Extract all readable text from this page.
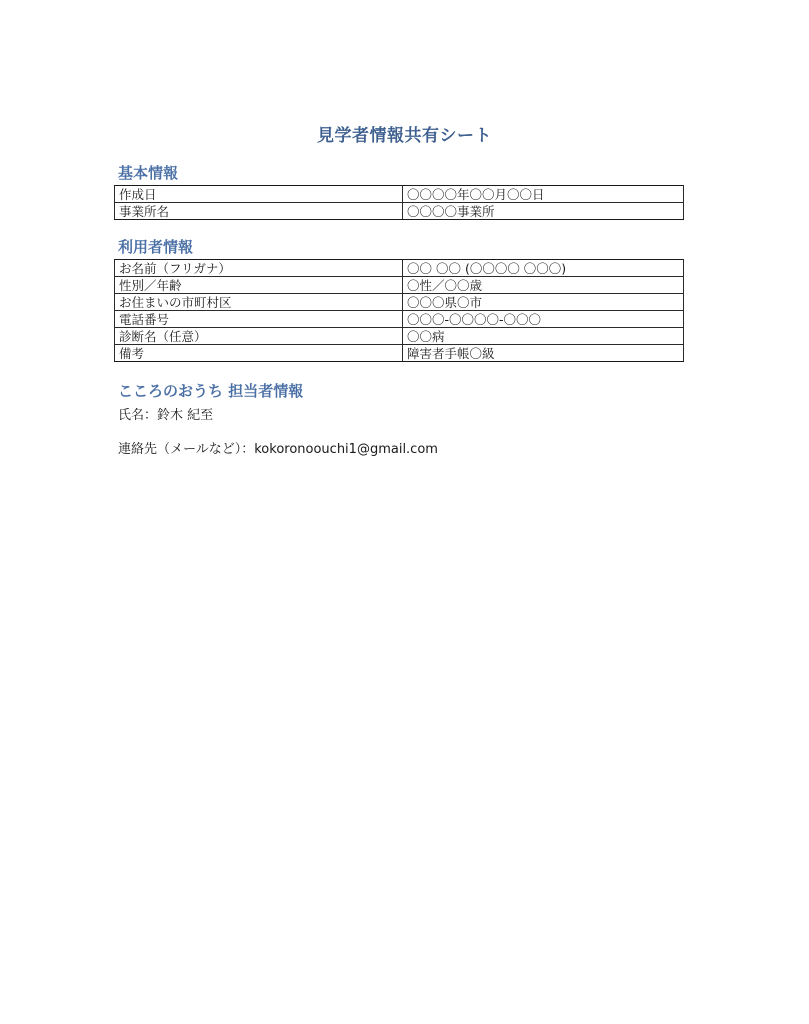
見学者情報共有シート
基本情報
作成日	〇〇〇〇年〇〇月〇〇日
事業所名	〇〇〇〇事業所
利用者情報
お名前（フリガナ）	〇〇 〇〇 (〇〇〇〇 〇〇〇)
性別／年齢	〇性／〇〇歳
お住まいの市町村区	〇〇〇県〇市
電話番号	〇〇〇-〇〇〇〇-〇〇〇
診断名（任意）	〇〇病
備考	障害者手帳〇級
こころのおうち 担当者情報
氏名：鈴木 紀至
連絡先（メールなど）：kokoronoouchi1@gmail.com
